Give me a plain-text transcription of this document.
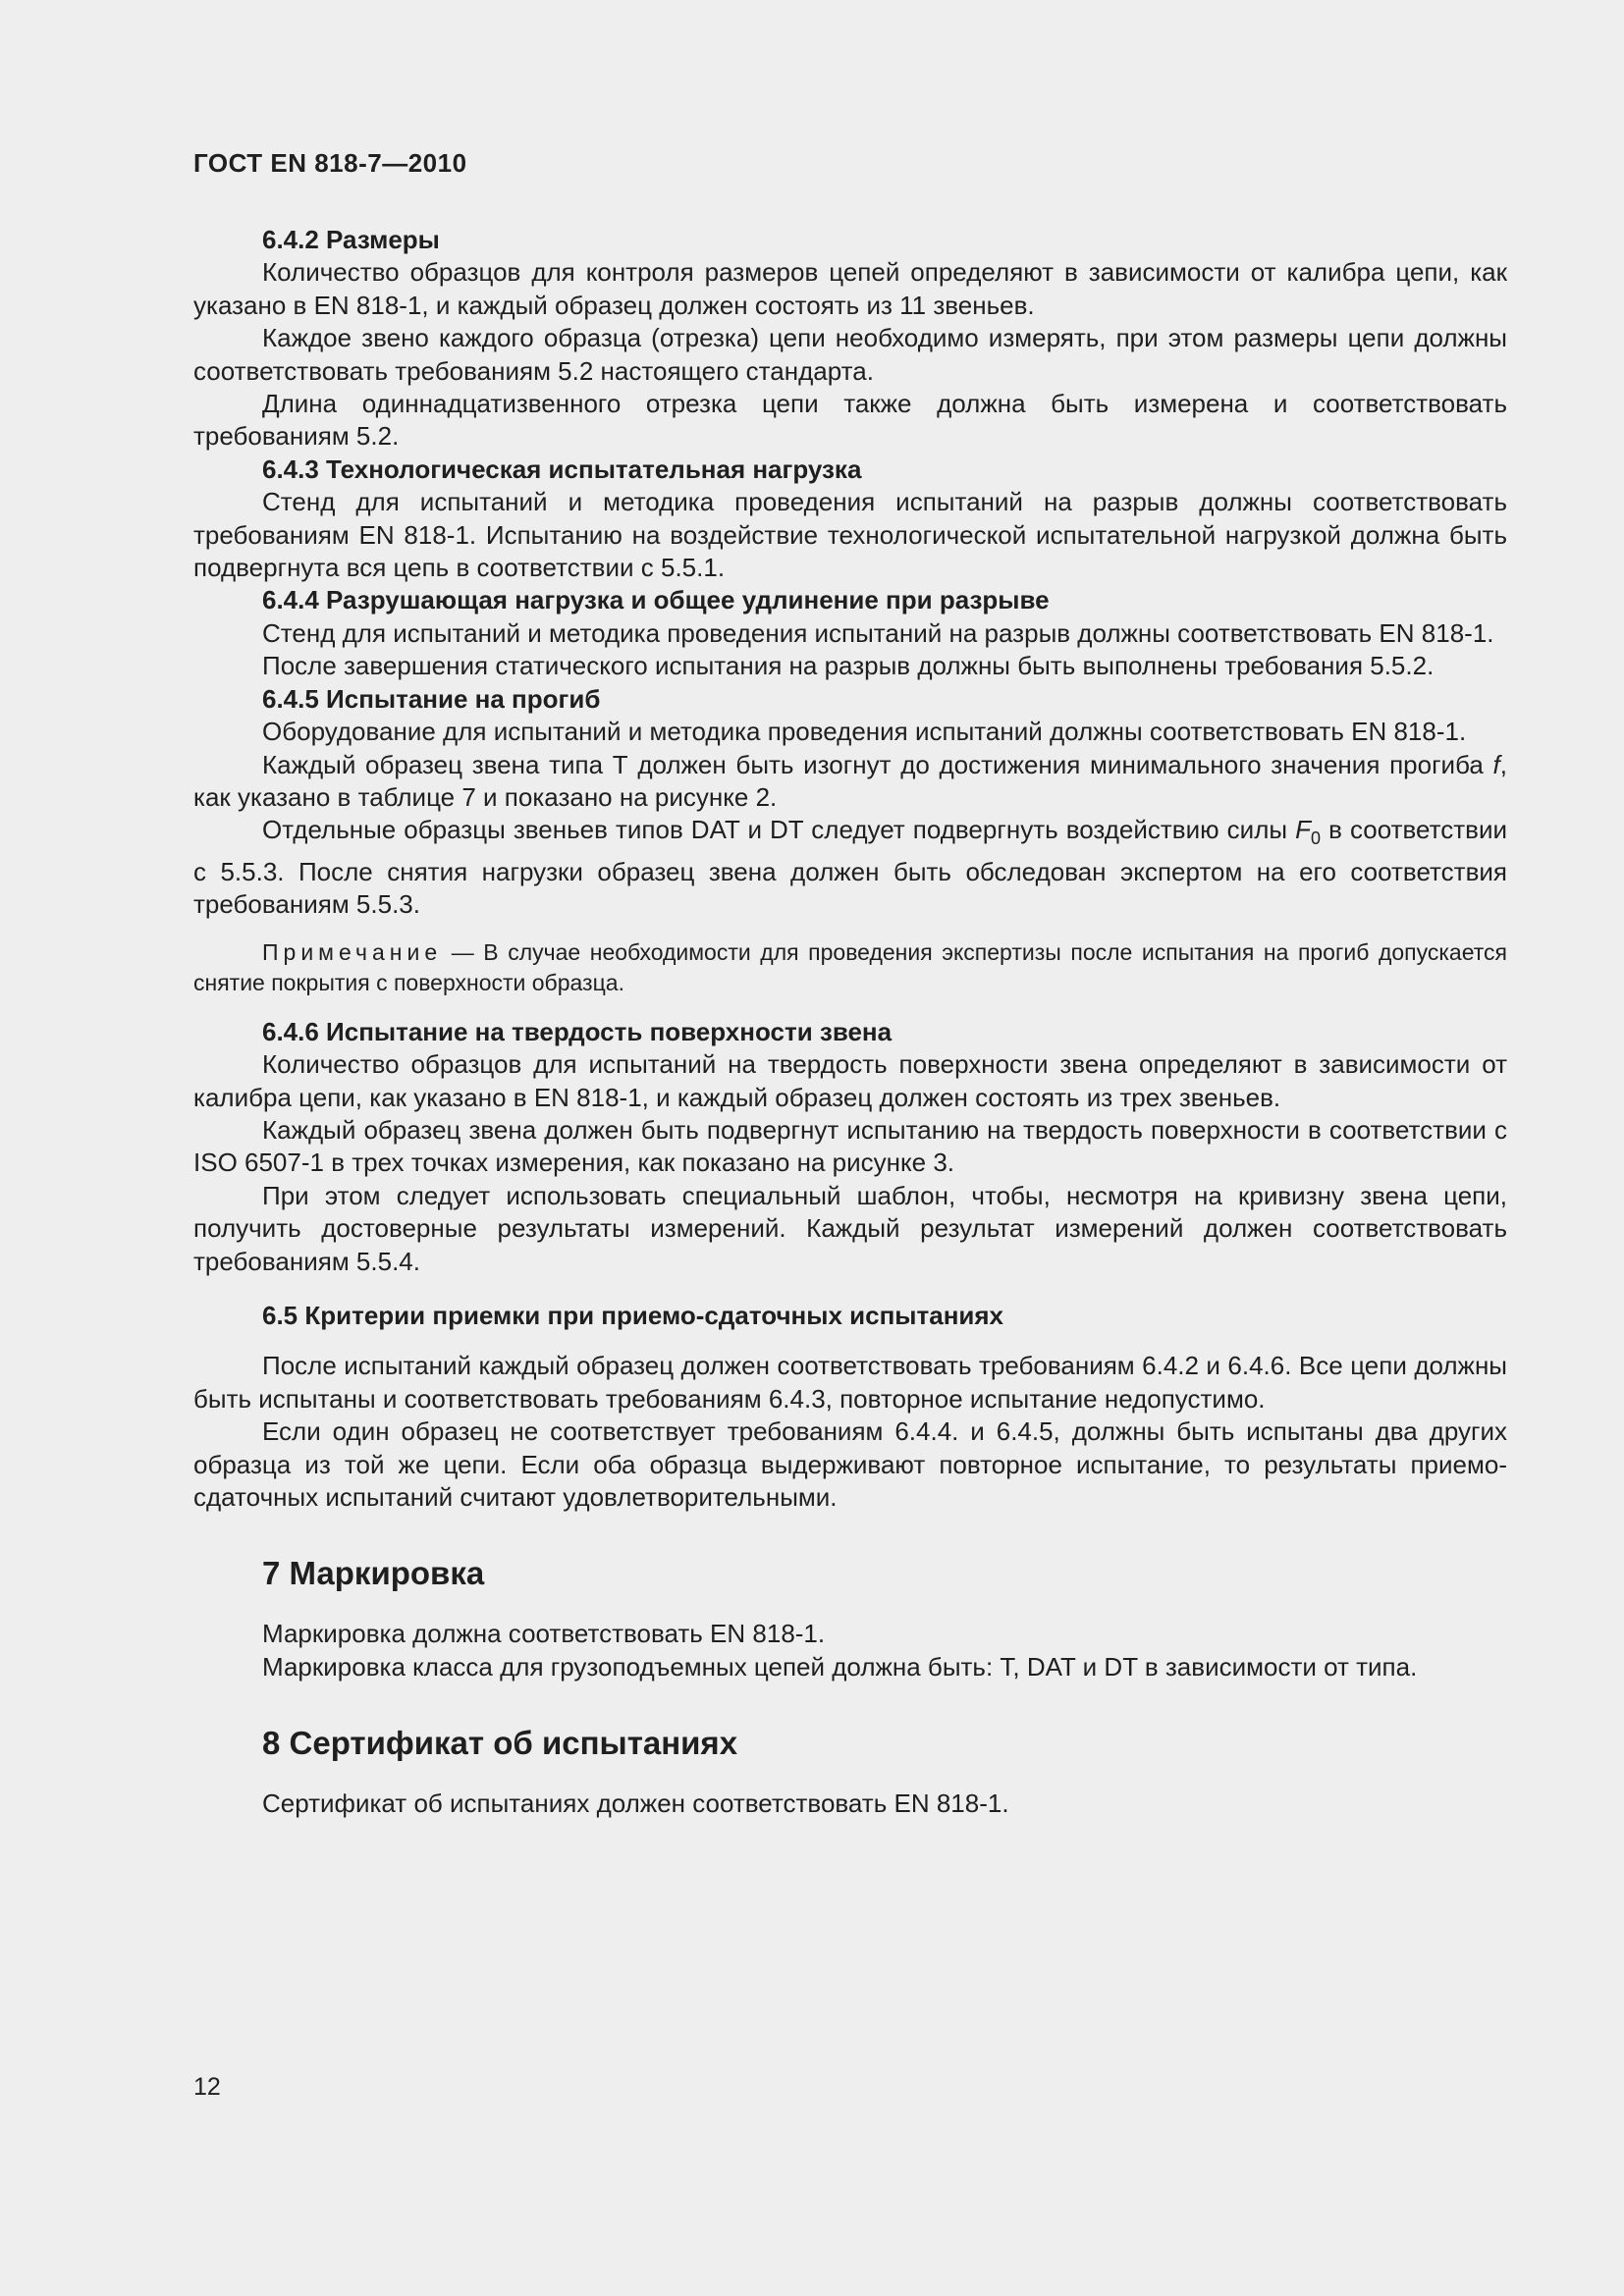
ГОСТ EN 818-7—2010

6.4.2 Размеры

Количество образцов для контроля размеров цепей определяют в зависимости от калибра цепи, как указано в EN 818-1, и каждый образец должен состоять из 11 звеньев.

Каждое звено каждого образца (отрезка) цепи необходимо измерять, при этом размеры цепи должны соответствовать требованиям 5.2 настоящего стандарта.

Длина одиннадцатизвенного отрезка цепи также должна быть измерена и соответствовать требованиям 5.2.

6.4.3 Технологическая испытательная нагрузка

Стенд для испытаний и методика проведения испытаний на разрыв должны соответствовать требованиям EN 818-1. Испытанию на воздействие технологической испытательной нагрузкой должна быть подвергнута вся цепь в соответствии с 5.5.1.

6.4.4 Разрушающая нагрузка и общее удлинение при разрыве

Стенд для испытаний и методика проведения испытаний на разрыв должны соответствовать EN 818-1.

После завершения статического испытания на разрыв должны быть выполнены требования 5.5.2.

6.4.5 Испытание на прогиб

Оборудование для испытаний и методика проведения испытаний должны соответствовать EN 818-1.

Каждый образец звена типа Т должен быть изогнут до достижения минимального значения прогиба f, как указано в таблице 7 и показано на рисунке 2.

Отдельные образцы звеньев типов DAT и DT следует подвергнуть воздействию силы $F_0$ в соответствии с 5.5.3. После снятия нагрузки образец звена должен быть обследован экспертом на его соответствия требованиям 5.5.3.

Примечание — В случае необходимости для проведения экспертизы после испытания на прогиб допускается снятие покрытия с поверхности образца.

6.4.6 Испытание на твердость поверхности звена

Количество образцов для испытаний на твердость поверхности звена определяют в зависимости от калибра цепи, как указано в EN 818-1, и каждый образец должен состоять из трех звеньев.

Каждый образец звена должен быть подвергнут испытанию на твердость поверхности в соответствии с ISO 6507-1 в трех точках измерения, как показано на рисунке 3.

При этом следует использовать специальный шаблон, чтобы, несмотря на кривизну звена цепи, получить достоверные результаты измерений. Каждый результат измерений должен соответствовать требованиям 5.5.4.

6.5 Критерии приемки при приемо-сдаточных испытаниях

После испытаний каждый образец должен соответствовать требованиям 6.4.2 и 6.4.6. Все цепи должны быть испытаны и соответствовать требованиям 6.4.3, повторное испытание недопустимо.

Если один образец не соответствует требованиям 6.4.4. и 6.4.5, должны быть испытаны два других образца из той же цепи. Если оба образца выдерживают повторное испытание, то результаты приемо-сдаточных испытаний считают удовлетворительными.

7 Маркировка

Маркировка должна соответствовать EN 818-1.

Маркировка класса для грузоподъемных цепей должна быть: Т, DAT и DT в зависимости от типа.

8 Сертификат об испытаниях

Сертификат об испытаниях должен соответствовать EN 818-1.

12
